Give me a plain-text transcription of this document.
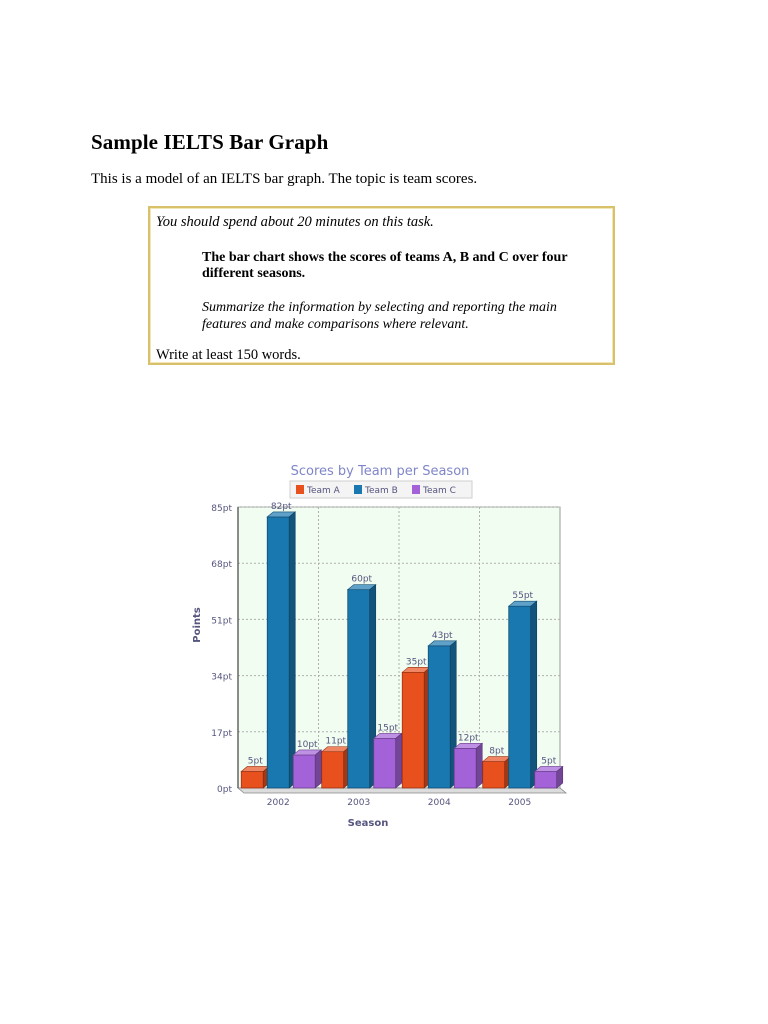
Sample IELTS Bar Graph

This is a model of an IELTS bar graph. The topic is team scores.

You should spend about 20 minutes on this task.
The bar chart shows the scores of teams A, B and C over four different seasons.
Summarize the information by selecting and reporting the main features and make comparisons where relevant.
Write at least 150 words.
0pt
17pt
34pt
51pt
68pt
85pt
5pt
82pt
10pt
2002
11pt
60pt
15pt
2003
35pt
43pt
12pt
2004
8pt
55pt
5pt
2005
Scores by Team per Season
Season
Points
Team A	Team B	Team C
